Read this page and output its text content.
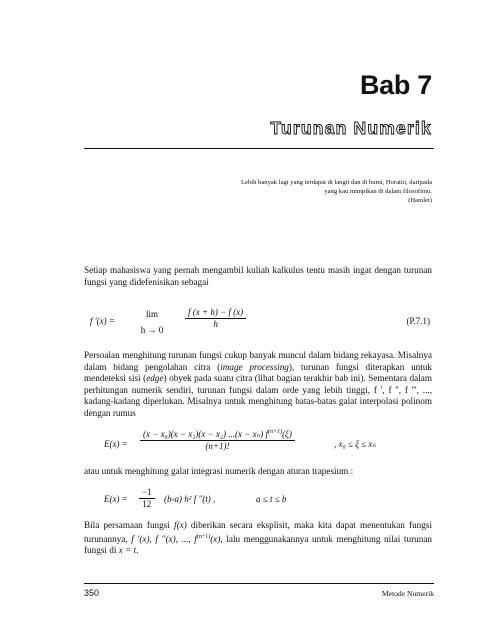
Bab 7
Turunan Numerik
Lebih banyak lagi yang terdapat di langit dan di bumi, Horatio, daripada
yang kau mimpikan di dalam filosofimu.
(Hamlet)
Setiap mahasiswa yang pernah mengambil kuliah kalkulus tentu masih ingat dengan turunan fungsi yang didefenisikan sebagai
f '(x) =
lim
h → 0	$\frac{f (x + h) - f (x)}{h}$	(P.7.1)
Persoalan menghitung turunan fungsi cukup banyak muncul dalam bidang rekayasa. Misalnya dalam bidang pengolahan citra (image processing), turunan fungsi diterapkan untuk mendeteksi sisi (edge) obyek pada suatu citra (lihat bagian terakhir bab ini). Sementara dalam perhitungan numerik sendiri, turunan fungsi dalam orde yang lebih tinggi, f ', f '', f ''', ..., kadang-kadang diperlukan. Misalnya untuk menghitung batas-batas galat interpolasi polinom dengan rumus
$E(x) = \frac{(x - x_0)(x - x_1)(x - x_2) ...(x - x_n) f^{(n+1)}(\xi)}{(n+1)!}$	, x₀ ≤ ξ ≤ xₙ
atau untuk menghitung galat integrasi numerik dengan aturan trapesium :
$E(x) = \frac{-1}{12} (b-a)$ h² f ''(t) ,	a ≤ t ≤ b
Bila persamaan fungsi f(x) diberikan secara eksplisit, maka kita dapat menentukan fungsi turunannya, f '(x), f ''(x), ..., $f^{(n+1)}(x)$, lalu menggunakannya untuk menghitung nilai turunan fungsi di x = t.
350	Metode Numerik
